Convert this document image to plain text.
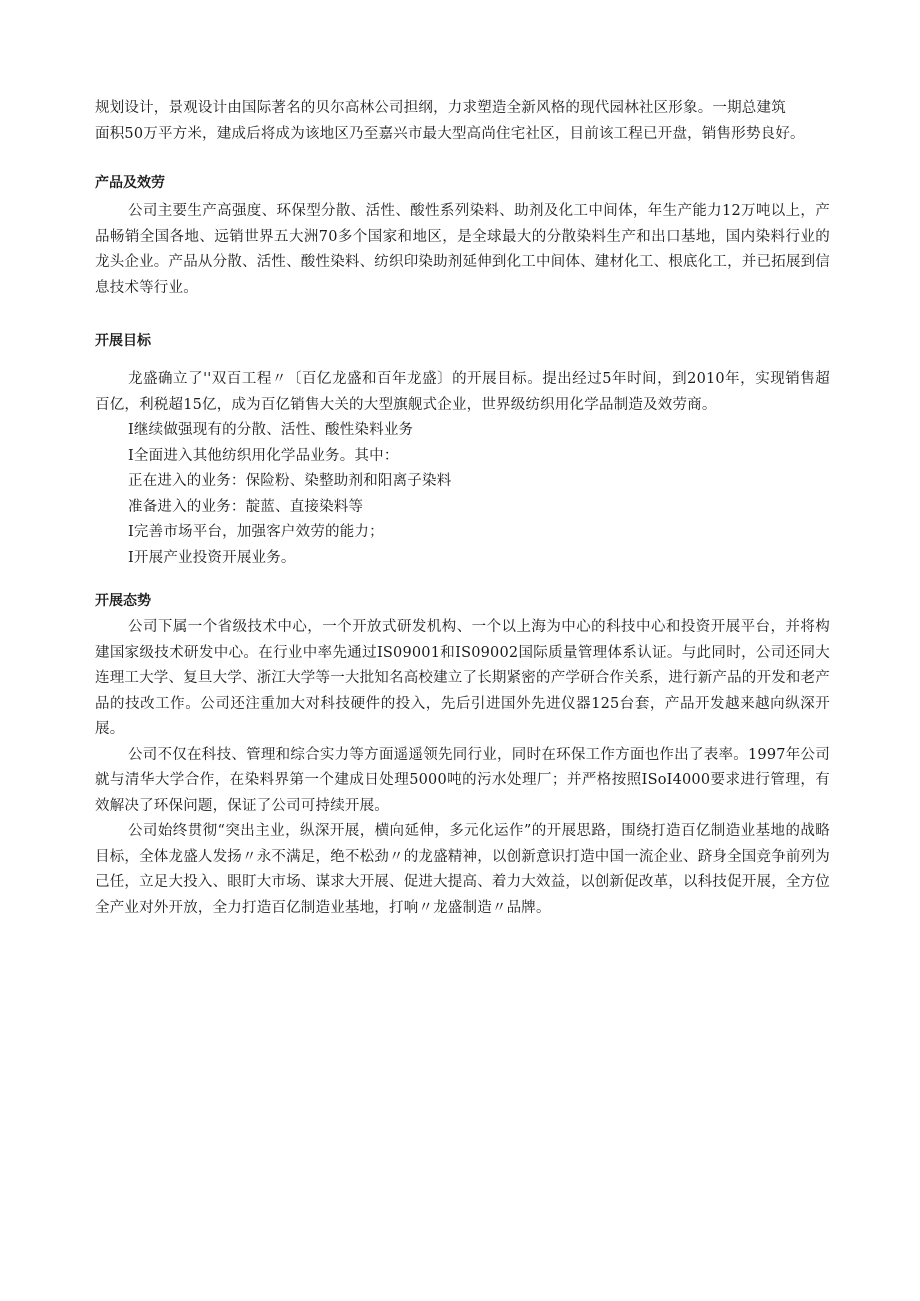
规划设计，景观设计由国际著名的贝尔高林公司担纲，力求塑造全新风格的现代园林社区形象。一期总建筑
面积50万平方米，建成后将成为该地区乃至嘉兴市最大型高尚住宅社区，目前该工程已开盘，销售形势良好。

产品及效劳

公司主要生产高强度、环保型分散、活性、酸性系列染料、助剂及化工中间体，年生产能力12万吨以上，产品畅销全国各地、远销世界五大洲70多个国家和地区，是全球最大的分散染料生产和出口基地，国内染料行业的龙头企业。产品从分散、活性、酸性染料、纺织印染助剂延伸到化工中间体、建材化工、根底化工，并已拓展到信息技术等行业。

开展目标

龙盛确立了''双百工程〃〔百亿龙盛和百年龙盛〕的开展目标。提出经过5年时间，到2010年，实现销售超百亿，利税超15亿，成为百亿销售大关的大型旗舰式企业，世界级纺织用化学品制造及效劳商。

I继续做强现有的分散、活性、酸性染料业务

I全面进入其他纺织用化学品业务。其中：

正在进入的业务：保险粉、染整助剂和阳离子染料

准备进入的业务：靛蓝、直接染料等

I完善市场平台，加强客户效劳的能力；

I开展产业投资开展业务。

开展态势

公司下属一个省级技术中心，一个开放式研发机构、一个以上海为中心的科技中心和投资开展平台，并将构建国家级技术研发中心。在行业中率先通过IS09001和IS09002国际质量管理体系认证。与此同时，公司还同大连理工大学、复旦大学、浙江大学等一大批知名高校建立了长期紧密的产学研合作关系，进行新产品的开发和老产品的技改工作。公司还注重加大对科技硬件的投入，先后引进国外先进仪器125台套，产品开发越来越向纵深开展。

公司不仅在科技、管理和综合实力等方面遥遥领先同行业，同时在环保工作方面也作出了表率。1997年公司就与清华大学合作，在染料界第一个建成日处理5000吨的污水处理厂；并严格按照ISoI4000要求进行管理，有效解决了环保问题，保证了公司可持续开展。

公司始终贯彻“突出主业，纵深开展，横向延伸，多元化运作”的开展思路，围绕打造百亿制造业基地的战略目标，全体龙盛人发扬〃永不满足，绝不松劲〃的龙盛精神，以创新意识打造中国一流企业、跻身全国竞争前列为己任，立足大投入、眼盯大市场、谋求大开展、促进大提高、着力大效益，以创新促改革，以科技促开展，全方位全产业对外开放，全力打造百亿制造业基地，打响〃龙盛制造〃品牌。
